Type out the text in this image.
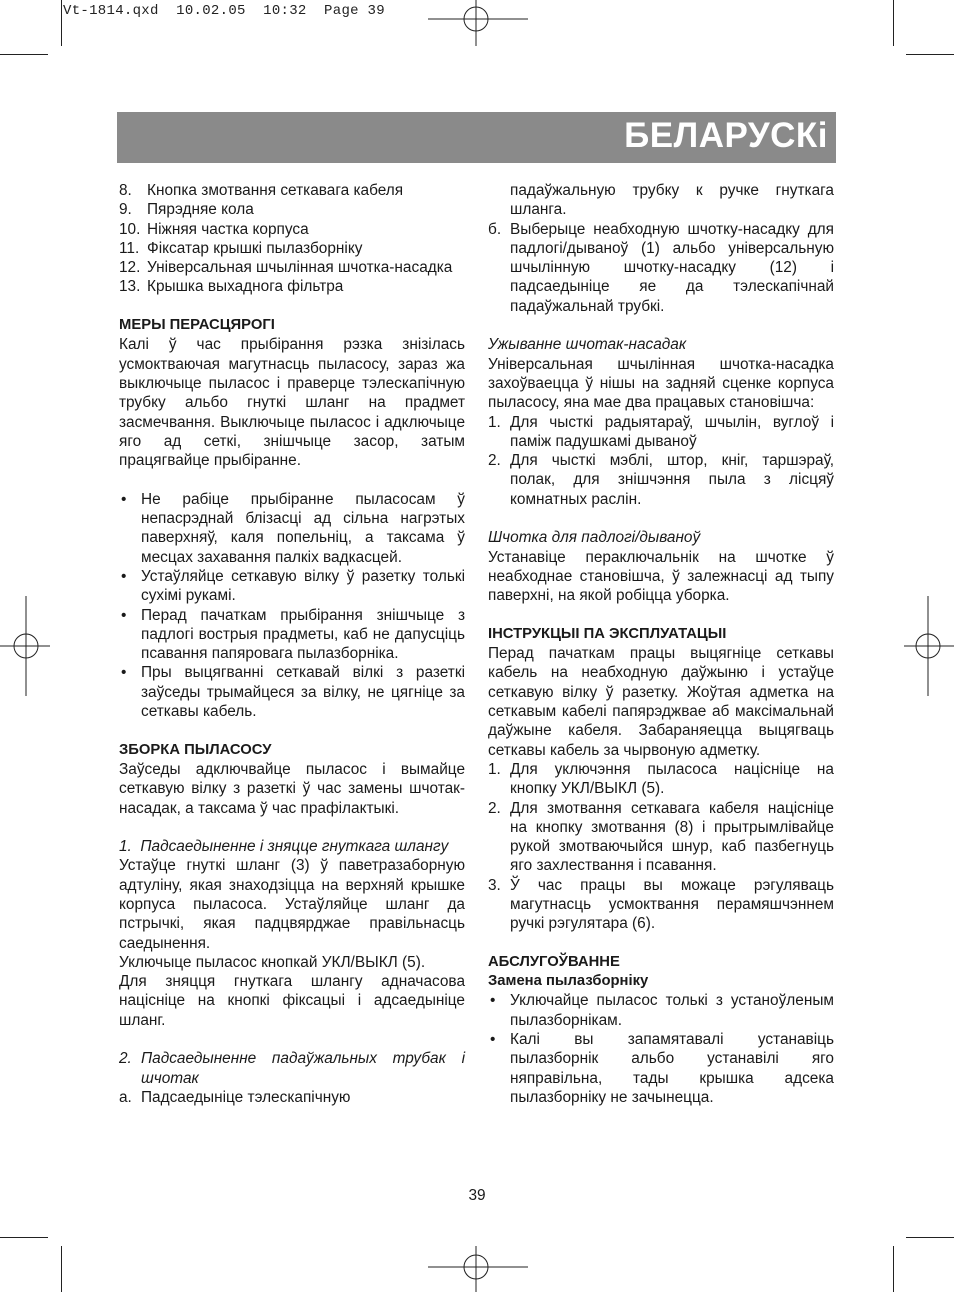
Vt-1814.qxd  10.02.05  10:32  Page 39
БЕЛАРУСКі
8. Кнопка змотвання сеткавага кабеля
9. Пярэдняе кола
10. Ніжняя частка корпуса
11. Фіксатар крышкі пылазборніку
12. Універсальная шчылінная шчотка-насадка
13. Крышка выхаднога фільтра

МЕРЫ ПЕРАСЦЯРОГІ

Калі ў час прыбірання рэзка знізілась усмоктваючая магутнасць пыласосу, зараз жа выключыце пыласос і праверце тэлескапічную трубку альбо гнуткі шланг на прадмет засмечвання. Выключыце пыласос і адключыце яго ад сеткі, знішчыце засор, затым працягвайце прыбіранне.

• Не рабіце прыбіранне пыласосам ў непасрэднай блізасці ад сільна нагрэтых паверхняў, каля попельніц, а таксама ў месцах захавання палкіх вадкасцей.
• Устаўляйце сеткавую вілку ў разетку толькі сухімі рукамі.
• Перад пачаткам прыбірання знішчыце з падлогі вострыя прадметы, каб не дапусціць псавання папяровага пылазборніка.
• Пры выцягванні сеткавай вілкі з разеткі заўседы трымайцеся за вілку, не цягніце за сеткавы кабель.

ЗБОРКА ПЫЛАСОСУ

Заўседы адключвайце пыласос і вымайце сеткавую вілку з разеткі ў час замены шчотак-насадак, а таксама ў час прафілактыкі.

1.  Падсаедыненне і зняцце гнуткага шлангу

Устаўце гнуткі шланг (3) ў паветразаборную адтуліну, якая знаходзіцца на верхняй крышке корпуса пыласоса. Устаўляйце шланг да пстрычкі, якая падцвярджае правільнасць саедынення.

Уключыце пыласос кнопкай УКЛ/ВЫКЛ (5).

Для зняцця гнуткага шлангу адначасова націсніце на кнопкі фіксацыі і адсаедыніце шланг.

2. Падсаедыненне падаўжальных трубак і шчотак
а. Падсаедыніце тэлескапічную
падаўжальную трубку к ручке гнуткага шланга.
б. Выберыце неабходную шчотку-насадку для падлогі/дываноў (1) альбо універсальную шчылінную шчотку-насадку (12) і падсаедыніце яе да тэлескапічнай падаўжальнай трубкі.

Ужыванне шчотак-насадак

Універсальная шчылінная шчотка-насадка захоўваецца ў нішы на задняй сценке корпуса пыласосу, яна мае два працавых становішча:

1. Для чысткі радыятараў, шчылін, вуглоў і паміж падушкамі дываноў
2. Для чысткі мэблі, штор, кніг, таршэраў, полак, для знішчэння пыла з лісцяў комнатных раслін.

Шчотка для падлогі/дываноў

Устанавіце пераключальнік на шчотке ў неабходнае становішча, ў залежнасці ад тыпу паверхні, на якой робіцца уборка.

ІНСТРУКЦЫІ ПА ЭКСПЛУАТАЦЫІ

Перад пачаткам працы выцягніце сеткавы кабель на неабходную даўжыню і устаўце сеткавую вілку ў разетку. Жоўтая адметка на сеткавым кабелі папярэджвае аб максімальнай даўжыне кабеля. Забараняецца выцягваць сеткавы кабель за чырвоную адметку.

1. Для уключэння пыласоса націсніце на кнопку УКЛ/ВЫКЛ (5).
2. Для змотвання сеткавага кабеля націсніце на кнопку змотвання (8) і прытрымлівайце рукой змотваючыйся шнур, каб пазбегнуць яго захлествання і псавання.
3. Ў час працы вы можаце рэгуляваць магутнасць усмоктвання перамяшчэннем ручкі рэгулятара (6).

АБСЛУГОЎВАННЕ

Замена пылазборніку

• Уключайце пыласос толькі з устаноўленым пылазборнікам.
• Калі вы запамятавалі устанавіць пылазборнік альбо устанавілі яго няправільна, тады крышка адсека пылазборніку не зачынецца.
39
